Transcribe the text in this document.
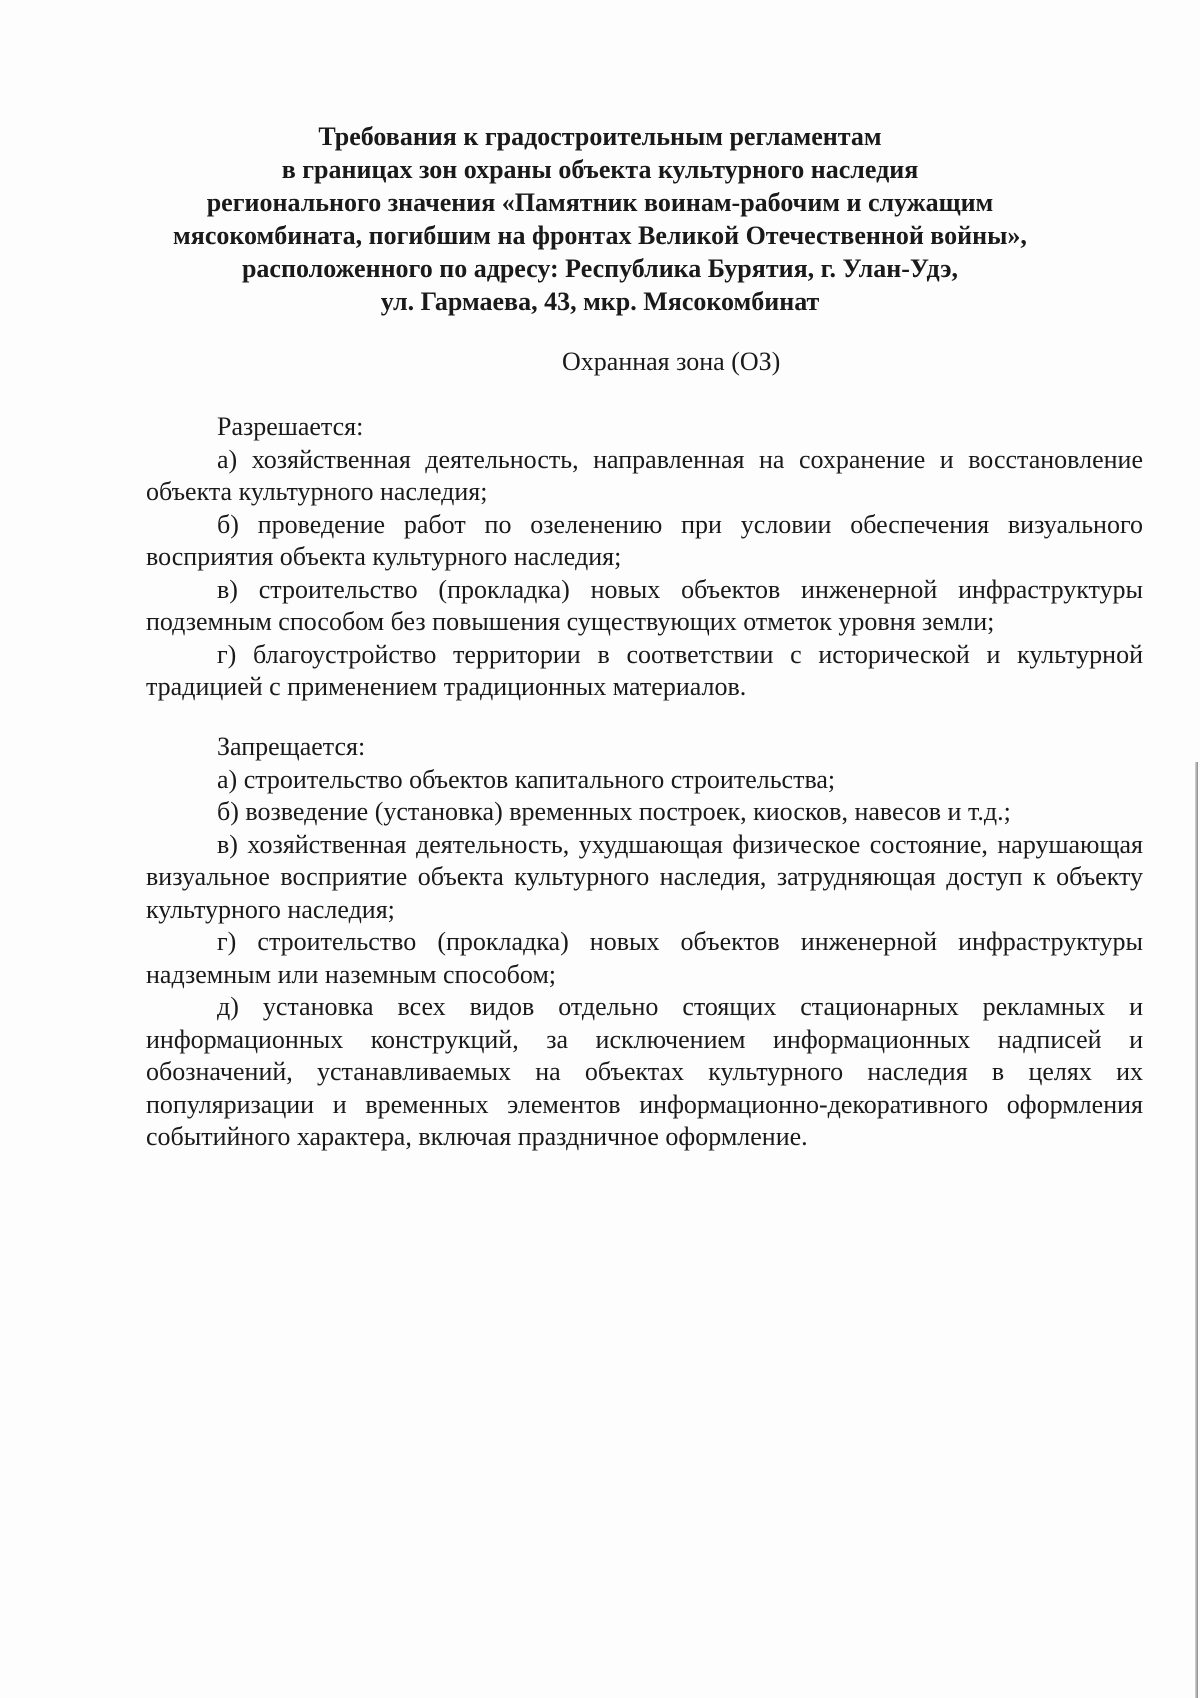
Требования к градостроительным регламентам
в границах зон охраны объекта культурного наследия
регионального значения «Памятник воинам-рабочим и служащим
мясокомбината, погибшим на фронтах Великой Отечественной войны»,
расположенного по адресу: Республика Бурятия, г. Улан-Удэ,
ул. Гармаева, 43, мкр. Мясокомбинат

Охранная зона (ОЗ)

Разрешается:

а) хозяйственная деятельность, направленная на сохранение и восстановление объекта культурного наследия;
б) проведение работ по озеленению при условии обеспечения визуального восприятия объекта культурного наследия;
в) строительство (прокладка) новых объектов инженерной инфраструктуры подземным способом без повышения существующих отметок уровня земли;
г) благоустройство территории в соответствии с исторической и культурной традицией с применением традиционных материалов.

Запрещается:

а) строительство объектов капитального строительства;
б) возведение (установка) временных построек, киосков, навесов и т.д.;
в) хозяйственная деятельность, ухудшающая физическое состояние, нарушающая визуальное восприятие объекта культурного наследия, затрудняющая доступ к объекту культурного наследия;
г) строительство (прокладка) новых объектов инженерной инфраструктуры надземным или наземным способом;
д) установка всех видов отдельно стоящих стационарных рекламных и информационных конструкций, за исключением информационных надписей и обозначений, устанавливаемых на объектах культурного наследия в целях их популяризации и временных элементов информационно-декоративного оформления событийного характера, включая праздничное оформление.
